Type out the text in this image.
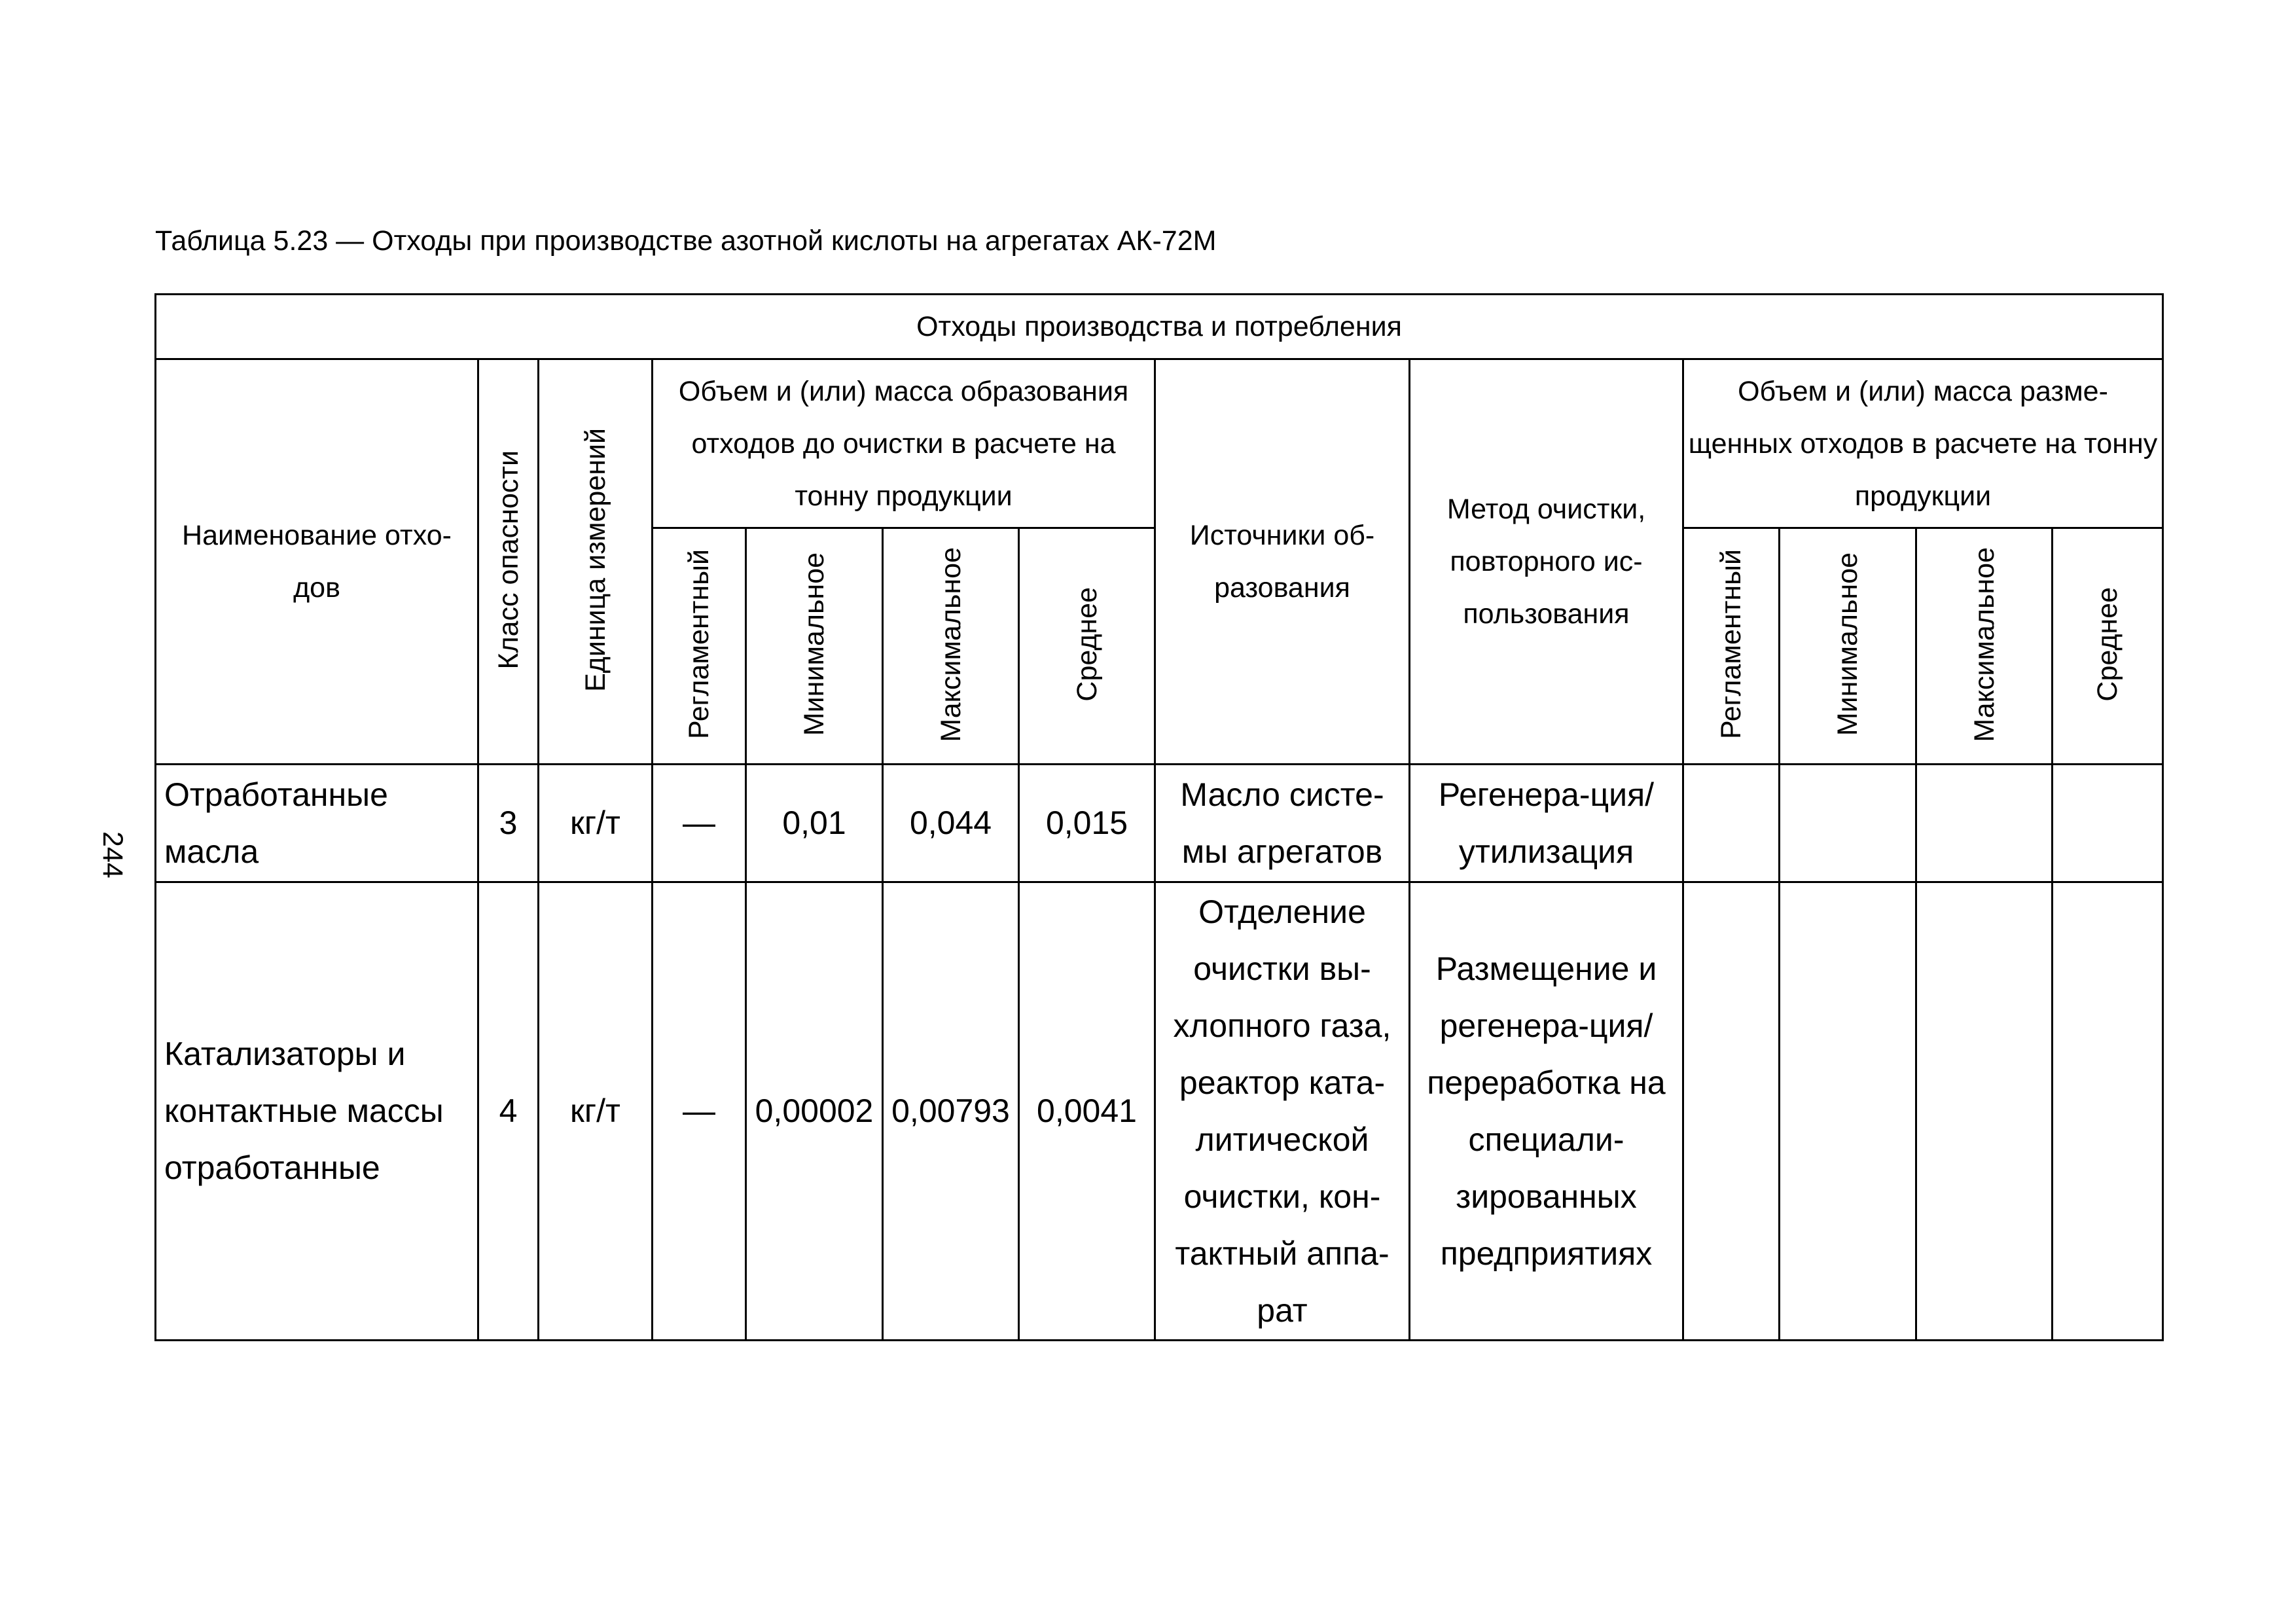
Таблица 5.23 — Отходы при производстве азотной кислоты на агрегатах АК-72М
244
Отходы производства и потребления												

Наименование отхо-дов	Класс опасности	Единица измерений	Объем и (или) масса образования отходов до очистки в расчете на тонну продукции				Источники об-разования	Метод очистки, повторного ис-пользования	Объем и (или) масса разме-щенных отходов в расчете на тонну продукции			

			Регламентный	Минимальное	Максимальное	Среднее			Регламентный	Минимальное	Максимальное	Среднее
Отработанные масла	3	кг/т	—	0,01	0,044	0,015	Масло систе-мы агрегатов	Регенера-ция/утилизация				
Катализаторы и контактные массы отработанные	4	кг/т	—	0,00002	0,00793	0,0041	Отделение очистки вы-хлопного газа, реактор ката-литической очистки, кон-тактный аппа-рат	Размещение и регенера-ция/переработка на специали-зированных предприятиях				
